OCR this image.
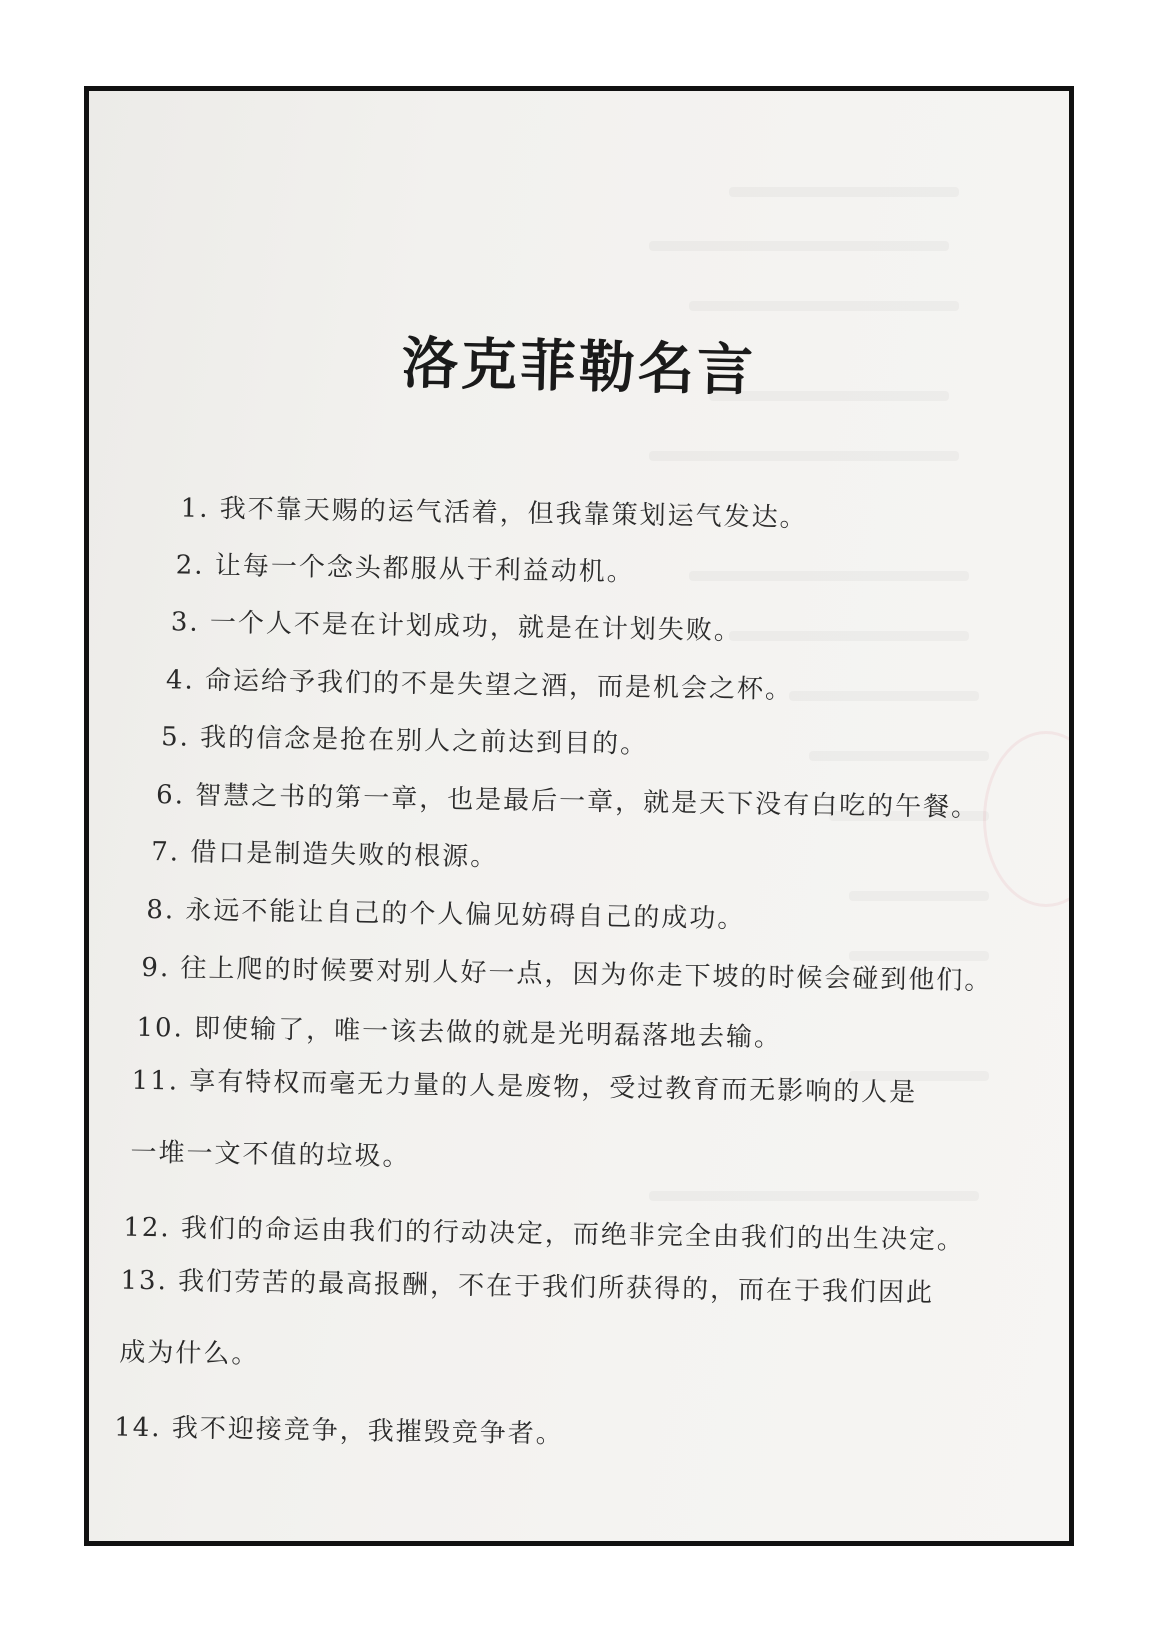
洛克菲勒名言
1. 我不靠天赐的运气活着，但我靠策划运气发达。
2. 让每一个念头都服从于利益动机。
3. 一个人不是在计划成功，就是在计划失败。
4. 命运给予我们的不是失望之酒，而是机会之杯。
5. 我的信念是抢在别人之前达到目的。
6. 智慧之书的第一章，也是最后一章，就是天下没有白吃的午餐。
7. 借口是制造失败的根源。
8. 永远不能让自己的个人偏见妨碍自己的成功。
9. 往上爬的时候要对别人好一点，因为你走下坡的时候会碰到他们。
10. 即使输了，唯一该去做的就是光明磊落地去输。
11. 享有特权而毫无力量的人是废物，受过教育而无影响的人是一堆一文不值的垃圾。
12. 我们的命运由我们的行动决定，而绝非完全由我们的出生决定。
13. 我们劳苦的最高报酬，不在于我们所获得的，而在于我们因此成为什么。
14. 我不迎接竞争，我摧毁竞争者。
